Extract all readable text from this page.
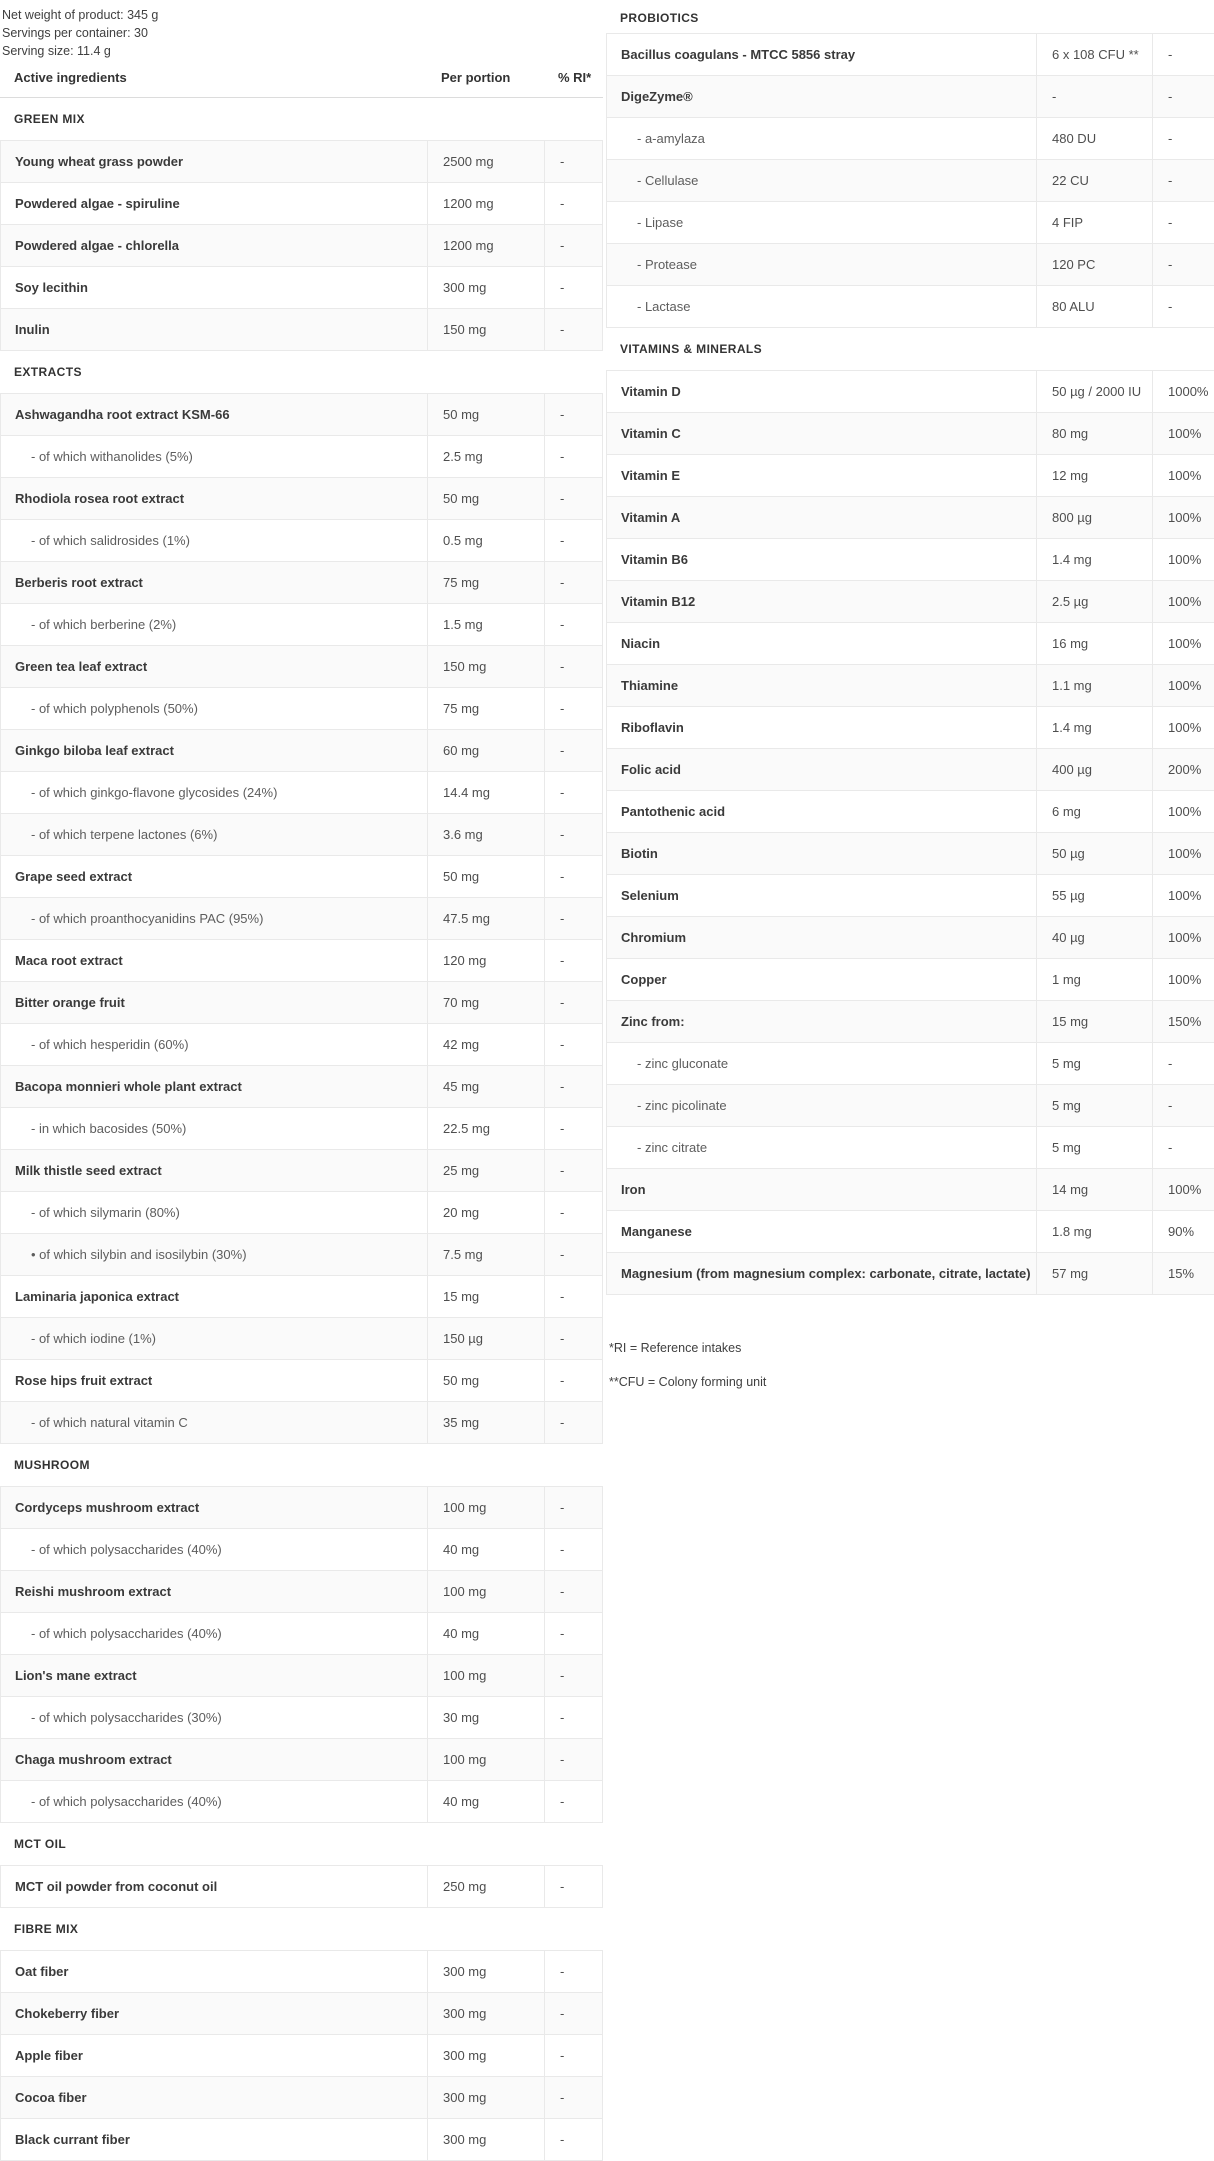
Net weight of product: 345 g
Servings per container: 30
Serving size: 11.4 g
Active ingredients	Per portion	% RI*
GREEN MIX
Young wheat grass powder	2500 mg	-
Powdered algae - spiruline	1200 mg	-
Powdered algae - chlorella	1200 mg	-
Soy lecithin	300 mg	-
Inulin	150 mg	-
EXTRACTS
Ashwagandha root extract KSM-66	50 mg	-
- of which withanolides (5%)	2.5 mg	-
Rhodiola rosea root extract	50 mg	-
- of which salidrosides (1%)	0.5 mg	-
Berberis root extract	75 mg	-
- of which berberine (2%)	1.5 mg	-
Green tea leaf extract	150 mg	-
- of which polyphenols (50%)	75 mg	-
Ginkgo biloba leaf extract	60 mg	-
- of which ginkgo-flavone glycosides (24%)	14.4 mg	-
- of which terpene lactones (6%)	3.6 mg	-
Grape seed extract	50 mg	-
- of which proanthocyanidins PAC (95%)	47.5 mg	-
Maca root extract	120 mg	-
Bitter orange fruit	70 mg	-
- of which hesperidin (60%)	42 mg	-
Bacopa monnieri whole plant extract	45 mg	-
- in which bacosides (50%)	22.5 mg	-
Milk thistle seed extract	25 mg	-
- of which silymarin (80%)	20 mg	-
• of which silybin and isosilybin (30%)	7.5 mg	-
Laminaria japonica extract	15 mg	-
- of which iodine (1%)	150 µg	-
Rose hips fruit extract	50 mg	-
- of which natural vitamin C	35 mg	-
MUSHROOM
Cordyceps mushroom extract	100 mg	-
- of which polysaccharides (40%)	40 mg	-
Reishi mushroom extract	100 mg	-
- of which polysaccharides (40%)	40 mg	-
Lion's mane extract	100 mg	-
- of which polysaccharides (30%)	30 mg	-
Chaga mushroom extract	100 mg	-
- of which polysaccharides (40%)	40 mg	-
MCT OIL
MCT oil powder from coconut oil	250 mg	-
FIBRE MIX
Oat fiber	300 mg	-
Chokeberry fiber	300 mg	-
Apple fiber	300 mg	-
Cocoa fiber	300 mg	-
Black currant fiber	300 mg	-
PROBIOTICS
Bacillus coagulans - MTCC 5856 stray	6 x 108 CFU **	-
DigeZyme®	-	-
- a-amylaza	480 DU	-
- Cellulase	22 CU	-
- Lipase	4 FIP	-
- Protease	120 PC	-
- Lactase	80 ALU	-
VITAMINS & MINERALS
Vitamin D	50 µg / 2000 IU	1000%
Vitamin C	80 mg	100%
Vitamin E	12 mg	100%
Vitamin A	800 µg	100%
Vitamin B6	1.4 mg	100%
Vitamin B12	2.5 µg	100%
Niacin	16 mg	100%
Thiamine	1.1 mg	100%
Riboflavin	1.4 mg	100%
Folic acid	400 µg	200%
Pantothenic acid	6 mg	100%
Biotin	50 µg	100%
Selenium	55 µg	100%
Chromium	40 µg	100%
Copper	1 mg	100%
Zinc from:	15 mg	150%
- zinc gluconate	5 mg	-
- zinc picolinate	5 mg	-
- zinc citrate	5 mg	-
Iron	14 mg	100%
Manganese	1.8 mg	90%
Magnesium (from magnesium complex: carbonate, citrate, lactate)	57 mg	15%
*RI = Reference intakes
**CFU = Colony forming unit
